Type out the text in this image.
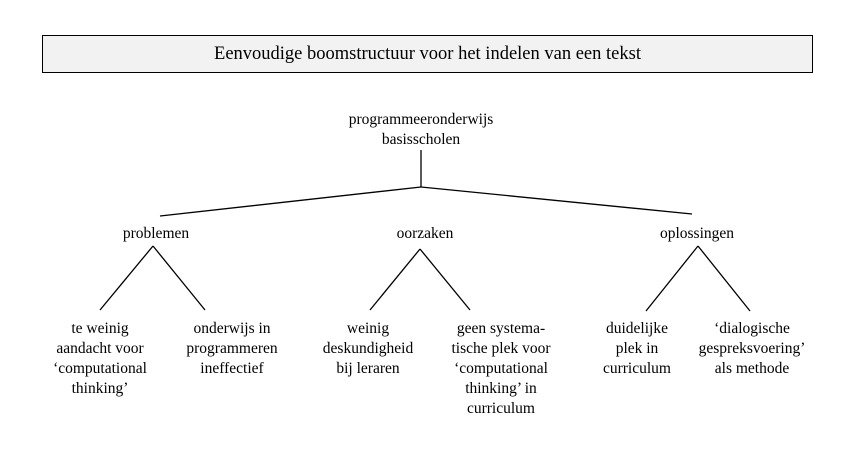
Eenvoudige boomstructuur voor het indelen van een tekst
programmeeronderwijs
basisscholen
problemen	oorzaken	oplossingen
te weinig
aandacht voor
‘computational
thinking’
onderwijs in
programmeren
ineffectief
weinig
deskundigheid
bij leraren
geen systema-
tische plek voor
‘computational
thinking’ in
curriculum
duidelijke
plek in
curriculum
‘dialogische
gespreksvoering’
als methode
